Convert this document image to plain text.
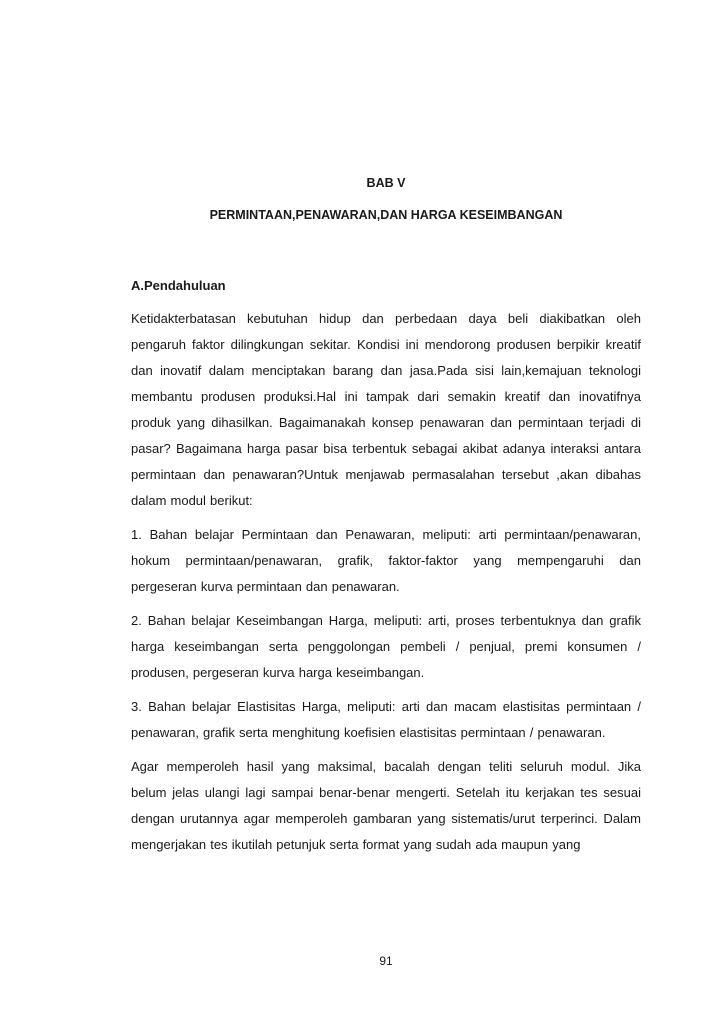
BAB V
PERMINTAAN,PENAWARAN,DAN HARGA KESEIMBANGAN
A.Pendahuluan

Ketidakterbatasan kebutuhan hidup dan perbedaan daya beli diakibatkan oleh pengaruh faktor dilingkungan sekitar. Kondisi ini mendorong produsen berpikir kreatif dan inovatif dalam menciptakan barang dan jasa.Pada sisi lain,kemajuan teknologi membantu produsen produksi.Hal ini tampak dari semakin kreatif dan inovatifnya produk yang dihasilkan. Bagaimanakah konsep penawaran dan permintaan terjadi di pasar? Bagaimana harga pasar bisa terbentuk sebagai akibat adanya interaksi antara permintaan dan penawaran?Untuk menjawab permasalahan tersebut ,akan dibahas dalam modul berikut:

1. Bahan belajar Permintaan dan Penawaran, meliputi: arti permintaan/penawaran, hokum permintaan/penawaran, grafik, faktor-faktor yang mempengaruhi dan pergeseran kurva permintaan dan penawaran.

2. Bahan belajar Keseimbangan Harga, meliputi: arti, proses terbentuknya dan grafik harga keseimbangan serta penggolongan pembeli / penjual, premi konsumen / produsen, pergeseran kurva harga keseimbangan.

3. Bahan belajar Elastisitas Harga, meliputi: arti dan macam elastisitas permintaan / penawaran, grafik serta menghitung koefisien elastisitas permintaan / penawaran.

Agar memperoleh hasil yang maksimal, bacalah dengan teliti seluruh modul. Jika belum jelas ulangi lagi sampai benar-benar mengerti. Setelah itu kerjakan tes sesuai dengan urutannya agar memperoleh gambaran yang sistematis/urut terperinci. Dalam mengerjakan tes ikutilah petunjuk serta format yang sudah ada maupun yang

91
